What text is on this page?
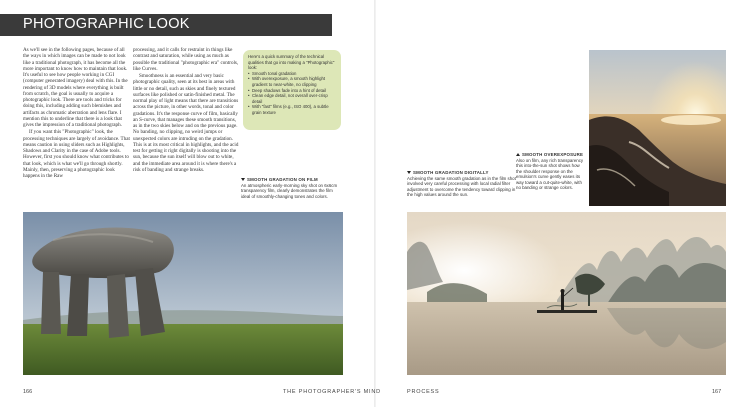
PHOTOGRAPHIC LOOK

As we'll see in the following pages, because of all the ways in which images can be made to not look like a traditional photograph, it has become all the more important to know how to maintain that look. It's useful to see how people working in CGI (computer generated imagery) deal with this. In the rendering of 3D models where everything is built from scratch, the goal is usually to acquire a photographic look. There are tools and tricks for doing this, including adding such blemishes and artifacts as chromatic aberration and lens flare. I mention this to underline that there is a look that gives the impression of a traditional photograph.

If you want this "Photographic" look, the processing techniques are largely of avoidance. That means caution in using sliders such as Highlights, Shadows and Clarity in the case of Adobe tools. However, first you should know what contributes to that look, which is what we'll go through shortly. Mainly, then, preserving a photographic look happens in the Raw

processing, and it calls for restraint in things like contrast and saturation, while using as much as possible the traditional "photographic era" controls, like Curves.

Smoothness is an essential and very basic photographic quality, seen at its best in areas with little or no detail, such as skies and finely textured surfaces like polished or satin-finished metal. The normal play of light means that there are transitions across the picture, in other words, tonal and color gradations. It's the response curve of film, basically an S-curve, that manages these smooth transitions, as in the two skies below and on the previous page. No banding, no clipping, no weird jumps or unexpected colors are intruding on the gradation. This is at its most critical in highlights, and the acid test for getting it right digitally is shooting into the sun, because the sun itself will blow out to white, and the immediate area around it is where there's a risk of banding and strange breaks.

Here's a quick summary of the technical qualities that go into making a "Photographic" look:

• Smooth tonal gradation
• With overexposure, a smooth highlight gradient to near-white, no clipping
• Deep shadows fade into a hint of detail
• Clean edge detail, not overall over-crisp detail
• With "fast" films (e.g., ISO 400), a subtle grain texture
SMOOTH GRADATION ON FILM
An atmospheric early-morning sky shot on 6x6cm transparency film, clearly demonstrates the film ideal of smoothly-changing tones and colors.
SMOOTH GRADATION DIGITALLY
Achieving the same smooth gradation as in the film shot involved very careful processing with local radial filter adjustment to overcome the tendency toward clipping in the high values around the sun.
SMOOTH OVEREXPOSURE
Also on film, any rich transparency this into-the-sun shot shows how the shoulder response on the emulsion's curve gently eases its way toward a cut-quite-white, with no banding or strange colors.
166	THE PHOTOGRAPHER'S MIND	PROCESS	167
